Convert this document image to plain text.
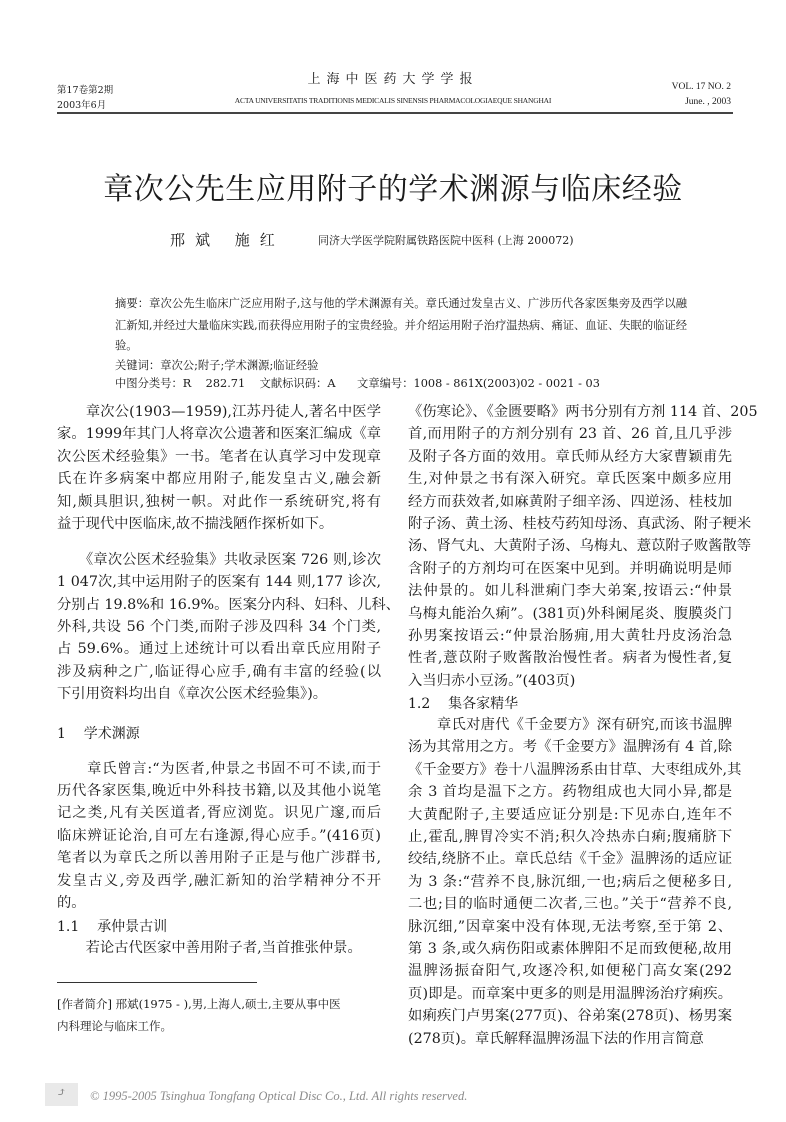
第17卷第2期
2003年6月
上海中医药大学学报
ACTA UNIVERSITATIS TRADITIONIS MEDICALIS SINENSIS PHARMACOLOGIAEQUE SHANGHAI
VOL. 17 NO. 2
June. , 2003
章次公先生应用附子的学术渊源与临床经验
邢斌 施红	同济大学医学院附属铁路医院中医科 (上海 200072)
摘要：章次公先生临床广泛应用附子,这与他的学术渊源有关。章氏通过发皇古义、广涉历代各家医集旁及西学以融
汇新知,并经过大量临床实践,而获得应用附子的宝贵经验。并介绍运用附子治疗温热病、痛证、血证、失眠的临证经
验。
关键词：章次公;附子;学术渊源;临证经验
中图分类号：R    282.71    文献标识码：A      文章编号：1008 - 861X(2003)02 - 0021 - 03
　　章次公(1903—1959),江苏丹徒人,著名中医学
家。1999年其门人将章次公遗著和医案汇编成《章
次公医术经验集》一书。笔者在认真学习中发现章
氏在许多病案中都应用附子,能发皇古义,融会新
知,颇具胆识,独树一帜。对此作一系统研究,将有
益于现代中医临床,故不揣浅陋作探析如下。
　　《章次公医术经验集》共收录医案 726 则,诊次
1 047次,其中运用附子的医案有 144 则,177 诊次,
分别占 19.8%和 16.9%。医案分内科、妇科、儿科、
外科,共设 56 个门类,而附子涉及四科 34 个门类,
占 59.6%。通过上述统计可以看出章氏应用附子
涉及病种之广,临证得心应手,确有丰富的经验(以
下引用资料均出自《章次公医术经验集》)。
1    学术渊源
　　章氏曾言:“为医者,仲景之书固不可不读,而于
历代各家医集,晚近中外科技书籍,以及其他小说笔
记之类,凡有关医道者,胥应浏览。识见广邃,而后
临床辨证论治,自可左右逢源,得心应手。”(416页)
笔者以为章氏之所以善用附子正是与他广涉群书,
发皇古义,旁及西学,融汇新知的治学精神分不开
的。
1.1    承仲景古训
　　若论古代医家中善用附子者,当首推张仲景。
《伤寒论》、《金匮要略》两书分别有方剂 114 首、205
首,而用附子的方剂分别有 23 首、26 首,且几乎涉
及附子各方面的效用。章氏师从经方大家曹颖甫先
生,对仲景之书有深入研究。章氏医案中颇多应用
经方而获效者,如麻黄附子细辛汤、四逆汤、桂枝加
附子汤、黄土汤、桂枝芍药知母汤、真武汤、附子粳米
汤、肾气丸、大黄附子汤、乌梅丸、薏苡附子败酱散等
含附子的方剂均可在医案中见到。并明确说明是师
法仲景的。如儿科泄痢门李大弟案,按语云:“仲景
乌梅丸能治久痢”。(381页)外科阑尾炎、腹膜炎门
孙男案按语云:“仲景治肠痈,用大黄牡丹皮汤治急
性者,薏苡附子败酱散治慢性者。病者为慢性者,复
入当归赤小豆汤。”(403页)
1.2    集各家精华
　　章氏对唐代《千金要方》深有研究,而该书温脾
汤为其常用之方。考《千金要方》温脾汤有 4 首,除
《千金要方》卷十八温脾汤系由甘草、大枣组成外,其
余 3 首均是温下之方。药物组成也大同小异,都是
大黄配附子,主要适应证分别是:下见赤白,连年不
止,霍乱,脾胃冷实不消;积久冷热赤白痢;腹痛脐下
绞结,绕脐不止。章氏总结《千金》温脾汤的适应证
为 3 条:“营养不良,脉沉细,一也;病后之便秘多日,
二也;目的临时通便二次者,三也。”关于“营养不良,
脉沉细,”因章案中没有体现,无法考察,至于第 2、
第 3 条,或久病伤阳或素体脾阳不足而致便秘,故用
温脾汤振奋阳气,攻逐冷积,如便秘门高女案(292
页)即是。而章案中更多的则是用温脾汤治疗痢疾。
如痢疾门卢男案(277页)、谷弟案(278页)、杨男案
(278页)。章氏解释温脾汤温下法的作用言简意
[作者简介] 邢斌(1975 - ),男,上海人,硕士,主要从事中医
内科理论与临床工作。
⤴	© 1995-2005 Tsinghua Tongfang Optical Disc Co., Ltd. All rights reserved.
